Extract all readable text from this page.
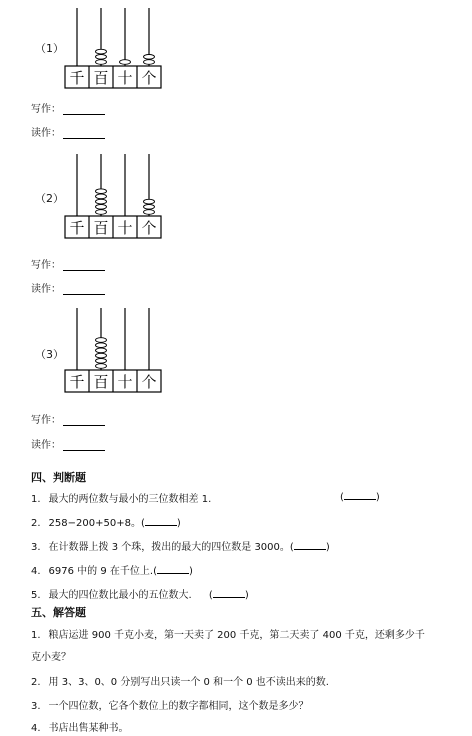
（1）
千 百 十 个
写作：
读作：
（2）
千 百 十 个
写作：
读作：
（3）
千 百 十 个
写作：
读作：
四、判断题
1. 最大的两位数与最小的三位数相差 1.	(	)
2. 258−200+50+8。(	)
3. 在计数器上拨 3 个珠，拨出的最大的四位数是 3000。(	)
4. 6976 中的 9 在千位上.(	)
5. 最大的四位数比最小的五位数大. (	)
五、解答题
1. 粮店运进 900 千克小麦，第一天卖了 200 千克，第二天卖了 400 千克，还剩多少千
克小麦？
2. 用 3、3、0、0 分别写出只读一个 0 和一个 0 也不读出来的数.
3. 一个四位数，它各个数位上的数字都相同，这个数是多少？
4. 书店出售某种书。
